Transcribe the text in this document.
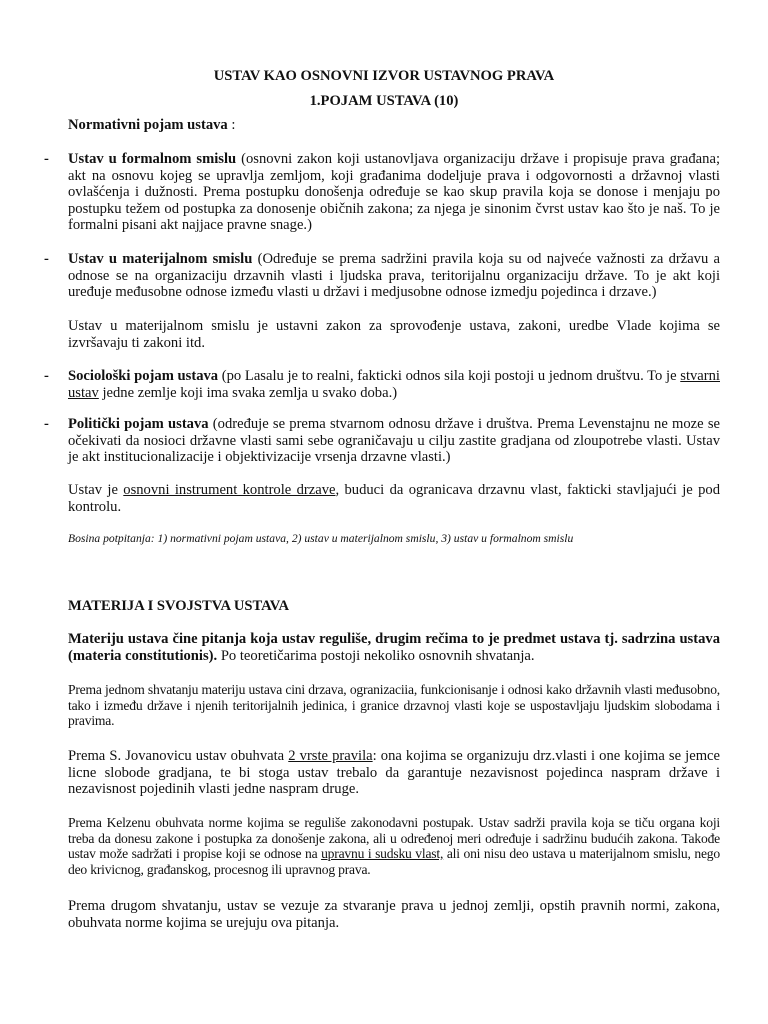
USTAV KAO OSNOVNI IZVOR USTAVNOG PRAVA
1.POJAM USTAVA (10)
Normativni pojam ustava :
- Ustav u formalnom smislu (osnovni zakon koji ustanovljava organizaciju države i propisuje prava građana; akt na osnovu kojeg se upravlja zemljom, koji građanima dodeljuje prava i odgovornosti a državnoj vlasti ovlašćenja i dužnosti. Prema postupku donošenja određuje se kao skup pravila koja se donose i menjaju po postupku težem od postupka za donosenje običnih zakona; za njega je sinonim čvrst ustav kao što je naš. To je formalni pisani akt najjace pravne snage.)
- Ustav u materijalnom smislu (Određuje se prema sadržini pravila koja su od najveće važnosti za državu a odnose se na organizaciju drzavnih vlasti i ljudska prava, teritorijalnu organizaciju države. To je akt koji uređuje međusobne odnose između vlasti u državi i medjusobne odnose izmedju pojedinca i drzave.)
Ustav u materijalnom smislu je ustavni zakon za sprovođenje ustava, zakoni, uredbe Vlade kojima se izvršavaju ti zakoni itd.
- Sociološki pojam ustava (po Lasalu je to realni, fakticki odnos sila koji postoji u jednom društvu. To je stvarni ustav jedne zemlje koji ima svaka zemlja u svako doba.)
- Politički pojam ustava (određuje se prema stvarnom odnosu države i društva. Prema Levenstajnu ne moze se očekivati da nosioci državne vlasti sami sebe ograničavaju u cilju zastite gradjana od zloupotrebe vlasti. Ustav je akt institucionalizacije i objektivizacije vrsenja drzavne vlasti.)
Ustav je osnovni instrument kontrole drzave, buduci da ogranicava drzavnu vlast, fakticki stavljajući je pod kontrolu.
Bosina potpitanja: 1) normativni pojam ustava, 2) ustav u materijalnom smislu, 3) ustav u formalnom smislu
MATERIJA I SVOJSTVA USTAVA
Materiju ustava čine pitanja koja ustav reguliše, drugim rečima to je predmet ustava tj. sadrzina ustava (materia constitutionis). Po teoretičarima postoji nekoliko osnovnih shvatanja.
Prema jednom shvatanju materiju ustava cini drzava, ogranizaciia, funkcionisanje i odnosi kako državnih vlasti međusobno, tako i između države i njenih teritorijalnih jedinica, i granice drzavnoj vlasti koje se uspostavljaju ljudskim slobodama i pravima.
Prema S. Jovanovicu ustav obuhvata 2 vrste pravila: ona kojima se organizuju drz.vlasti i one kojima se jemce licne slobode gradjana, te bi stoga ustav trebalo da garantuje nezavisnost pojedinca naspram države i nezavisnost pojedinih vlasti jedne naspram druge.
Prema Kelzenu obuhvata norme kojima se reguliše zakonodavni postupak. Ustav sadrži pravila koja se tiču organa koji treba da donesu zakone i postupka za donošenje zakona, ali u određenoj meri određuje i sadržinu budućih zakona. Takođe ustav može sadržati i propise koji se odnose na upravnu i sudsku vlast, ali oni nisu deo ustava u materijalnom smislu, nego deo krivicnog, građanskog, procesnog ili upravnog prava.
Prema drugom shvatanju, ustav se vezuje za stvaranje prava u jednoj zemlji, opstih pravnih normi, zakona, obuhvata norme kojima se urejuju ova pitanja.
